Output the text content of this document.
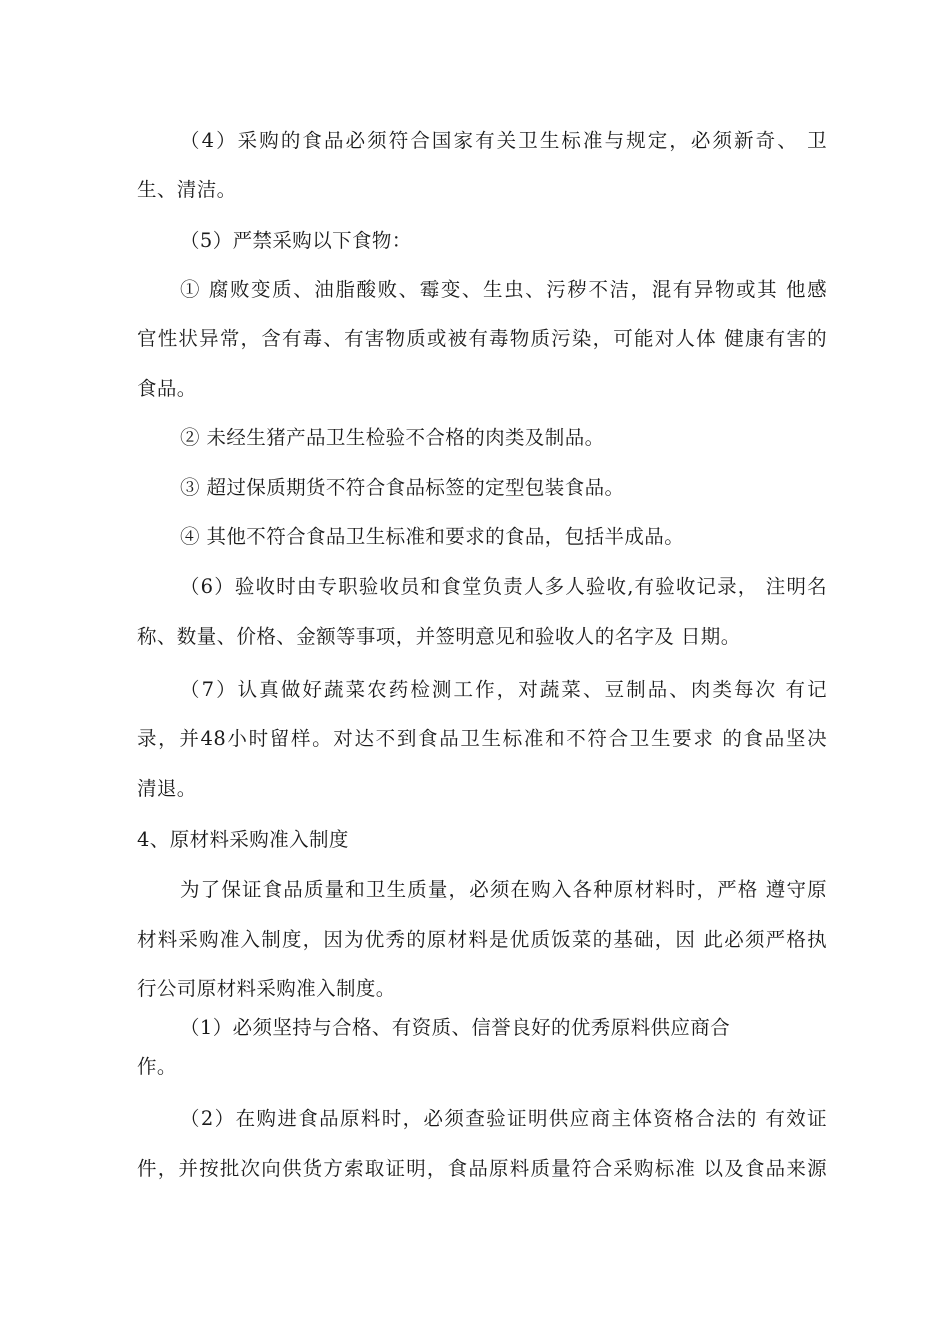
（4）采购的食品必须符合国家有关卫生标准与规定，必须新奇、 卫
生、清洁。
（5）严禁采购以下食物：
① 腐败变质、油脂酸败、霉变、生虫、污秽不洁，混有异物或其 他感
官性状异常，含有毒、有害物质或被有毒物质污染，可能对人体 健康有害的
食品。
② 未经生猪产品卫生检验不合格的肉类及制品。
③ 超过保质期货不符合食品标签的定型包装食品。
④ 其他不符合食品卫生标准和要求的食品，包括半成品。
（6）验收时由专职验收员和食堂负责人多人验收,有验收记录， 注明名
称、数量、价格、金额等事项，并签明意见和验收人的名字及 日期。
（7）认真做好蔬菜农药检测工作，对蔬菜、豆制品、肉类每次 有记
录，并48小时留样。对达不到食品卫生标准和不符合卫生要求 的食品坚决
清退。
4、原材料采购准入制度
为了保证食品质量和卫生质量，必须在购入各种原材料时，严格 遵守原
材料采购准入制度，因为优秀的原材料是优质饭菜的基础，因 此必须严格执
行公司原材料采购准入制度。
（1）必须坚持与合格、有资质、信誉良好的优秀原料供应商合
作。
（2）在购进食品原料时，必须查验证明供应商主体资格合法的 有效证
件，并按批次向供货方索取证明，食品原料质量符合采购标准 以及食品来源
